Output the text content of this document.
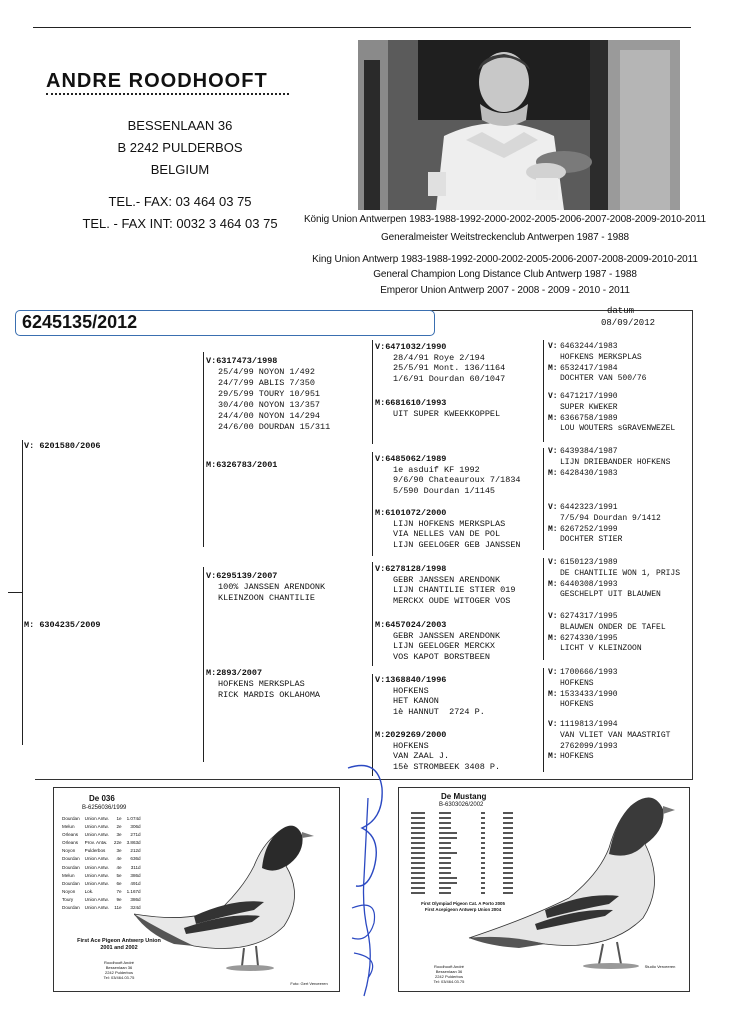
ANDRE ROODHOOFT
BESSENLAAN 36
B 2242 PULDERBOS
BELGIUM
TEL.- FAX: 03 464 03 75
TEL. - FAX INT: 0032 3 464 03 75	König Union Antwerpen 1983-1988-1992-2000-2002-2005-2006-2007-2008-2009-2010-2011
Generalmeister Weitstreckenclub Antwerpen 1987 - 1988
King Union Antwerp 1983-1988-1992-2000-2002-2005-2006-2007-2008-2009-2010-2011
General Champion Long Distance Club Antwerp 1987 - 1988
Emperor Union Antwerp 2007 - 2008 - 2009 - 2010 - 2011
6245135/2012
datum
08/09/2012
V: 6201580/2006
M: 6304235/2009
V:6317473/1998
25/4/99 NOYON 1/492
24/7/99 ABLIS 7/350
29/5/99 TOURY 10/951
30/4/00 NOYON 13/357
24/4/00 NOYON 14/294
24/6/00 DOURDAN 15/311
M:6326783/2001
V:6295139/2007
100% JANSSEN ARENDONK
KLEINZOON CHANTILIE
M:2893/2007
HOFKENS MERKSPLAS
RICK MARDIS OKLAHOMA
V:6471032/1990
28/4/91 Roye 2/194
25/5/91 Mont. 136/1164
1/6/91 Dourdan 60/1047
M:6681610/1993
UIT SUPER KWEEKKOPPEL
V:6485062/1989
1e asduif KF 1992
9/6/90 Chateauroux 7/1834
5/590 Dourdan 1/1145
M:6101072/2000
LIJN HOFKENS MERKSPLAS
VIA NELLES VAN DE POL
LIJN GEELOGER GEB JANSSEN
V:6278128/1998
GEBR JANSSEN ARENDONK
LIJN CHANTILIE STIER 019
MERCKX OUDE WITOGER VOS
M:6457024/2003
GEBR JANSSEN ARENDONK
LIJN GEELOGER MERCKX
VOS KAPOT BORSTBEEN
V:1368840/1996
HOFKENS
HET KANON
1è HANNUT  2724 P.
M:2029269/2000
HOFKENS
VAN ZAAL J.
15è STROMBEEK 3408 P.
V: 6463244/1983
HOFKENS MERKSPLAS
M: 6532417/1984
DOCHTER VAN 500/76
V: 6471217/1990
SUPER KWEKER
M: 6366758/1989
LOU WOUTERS sGRAVENWEZEL
V: 6439384/1987
LIJN DRIEBANDER HOFKENS
M: 6428430/1983
V: 6442323/1991
7/5/94 Dourdan 9/1412
M: 6267252/1999
DOCHTER STIER
V: 6150123/1989
DE CHANTILIE WON 1, PRIJS
M: 6440308/1993
GESCHELPT UIT BLAUWEN
V: 6274317/1995
BLAUWEN ONDER DE TAFEL
M: 6274330/1995
LICHT V KLEINZOON
V: 1700666/1993
HOFKENS
M: 1533433/1990
HOFKENS
V: 1119813/1994
VAN VLIET VAN MAASTRIGT
2762099/1993
M: HOFKENS
De 036
B-6256036/1999
Dourdan	Union Antw.	1e	1.074d
Melun	Union Antw.	2e	306d
Orleans	Union Antw.	3e	271d
Orleans	Prov. Antw.	22e	3.863d
Noyon	Pulderbos	3e	212d
Dourdan	Union Antw.	4e	636d
Dourdan	Union Antw.	4e	311d
Melun	Union Antw.	5e	386d
Dourdan	Union Antw.	6e	491d
Noyon	Lok.	7e	1.167d
Toury	Union Antw.	9e	386d
Dourdan	Union Antw.	11e	324d
First Ace Pigeon Antwerp Union
2001 and 2002
Roodhooft André
Bessenlaan 36
2242 Pulderbos
Tel: 03/464.03.75
Foto: Gert Verceeren
De Mustang
B-6303026/2002
First Olympiad Pigeon Cat. A Porto 2005
First Acepigeon Antwerp Union 2004
Roodhooft André
Bessenlaan 36
2242 Pulderbos
Tel: 03/464.03.75
Studio Verceeren
